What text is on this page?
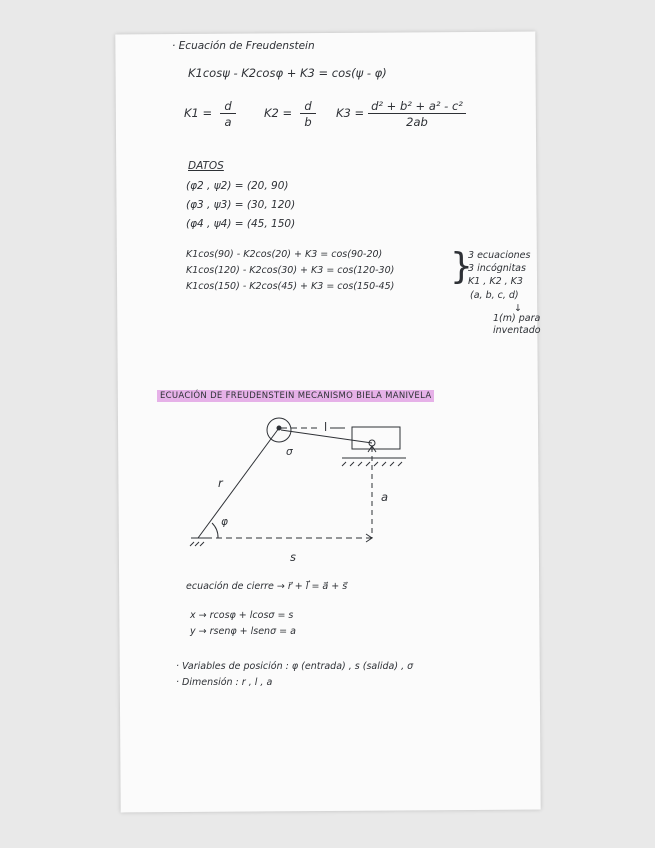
· Ecuación de Freudenstein
K1cosψ - K2cosφ + K3 = cos(ψ - φ)
$K1 = \frac{d}{a} K2 = \frac{d}{b} K3 = \frac{\text{d² + b² + a² - c²}}{2ab}$
DATOS
(φ2 , ψ2) = (20, 90)
(φ3 , ψ3) = (30, 120)
(φ4 , ψ4) = (45, 150)
K1cos(90) - K2cos(20) + K3 = cos(90-20)
K1cos(120) - K2cos(30) + K3 = cos(120-30)
K1cos(150) - K2cos(45) + K3 = cos(150-45) }
3 ecuaciones
3 incógnitas
K1 , K2 , K3
(a, b, c, d)
↓
1(m) para
inventado
ECUACIÓN DE FREUDENSTEIN MECANISMO BIELA MANIVELA
l
σ
r
φ
a
s
ecuación de cierre → r⃗ + l⃗ = a⃗ + s⃗
x → rcosφ + lcosσ = s
y → rsenφ + lsenσ = a
· Variables de posición : φ (entrada) , s (salida) , σ
· Dimensión : r , l , a
